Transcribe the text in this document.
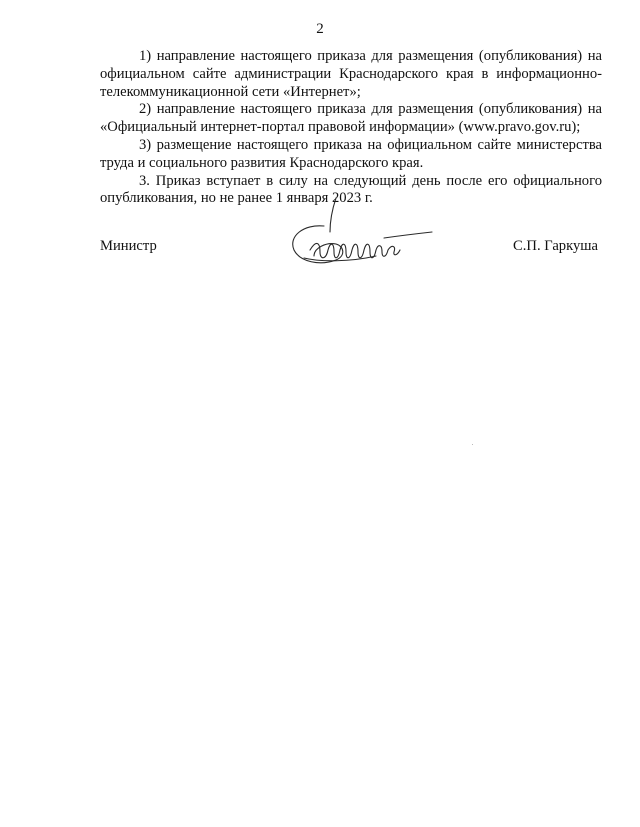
2

1) направление настоящего приказа для размещения (опубликования) на официальном сайте администрации Краснодарского края в информационно-телекоммуникационной сети «Интернет»;

2) направление настоящего приказа для размещения (опубликования) на «Официальный интернет-портал правовой информации» (www.pravo.gov.ru);

3) размещение настоящего приказа на официальном сайте министерства труда и социального развития Краснодарского края.

3. Приказ вступает в силу на следующий день после его официального опубликования, но не ранее 1 января 2023 г.

Министр	С.П. Гаркуша
